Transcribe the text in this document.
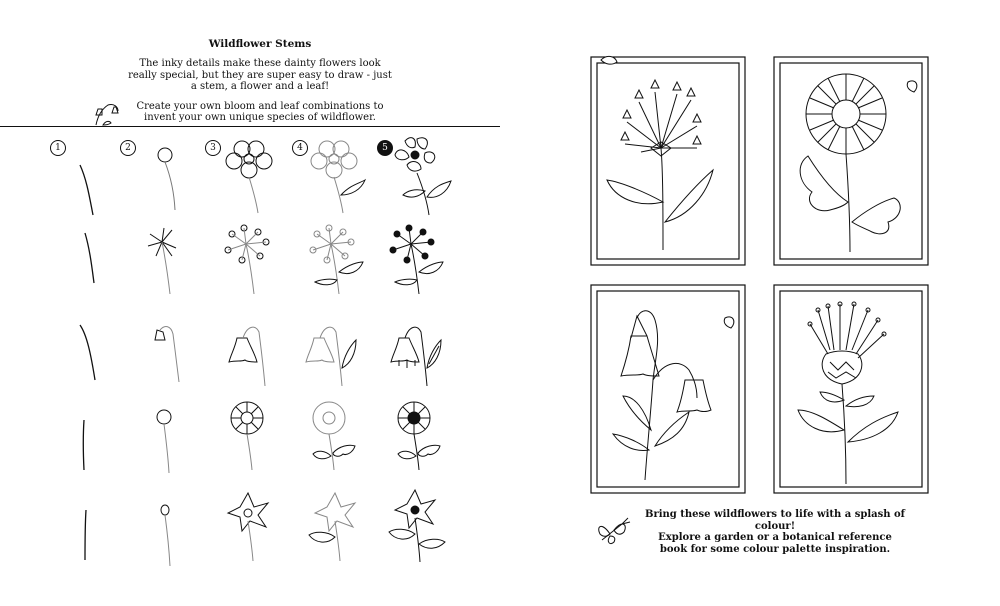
Wildflower Stems

The inky details make these dainty flowers look really special, but they are super easy to draw - just a stem, a flower and a leaf!

Create your own bloom and leaf combinations to invent your own unique species of wildflower.

1	2	3	4	5

Bring these wildflowers to life with a splash of colour!

Explore a garden or a botanical reference book for some colour palette inspiration.
